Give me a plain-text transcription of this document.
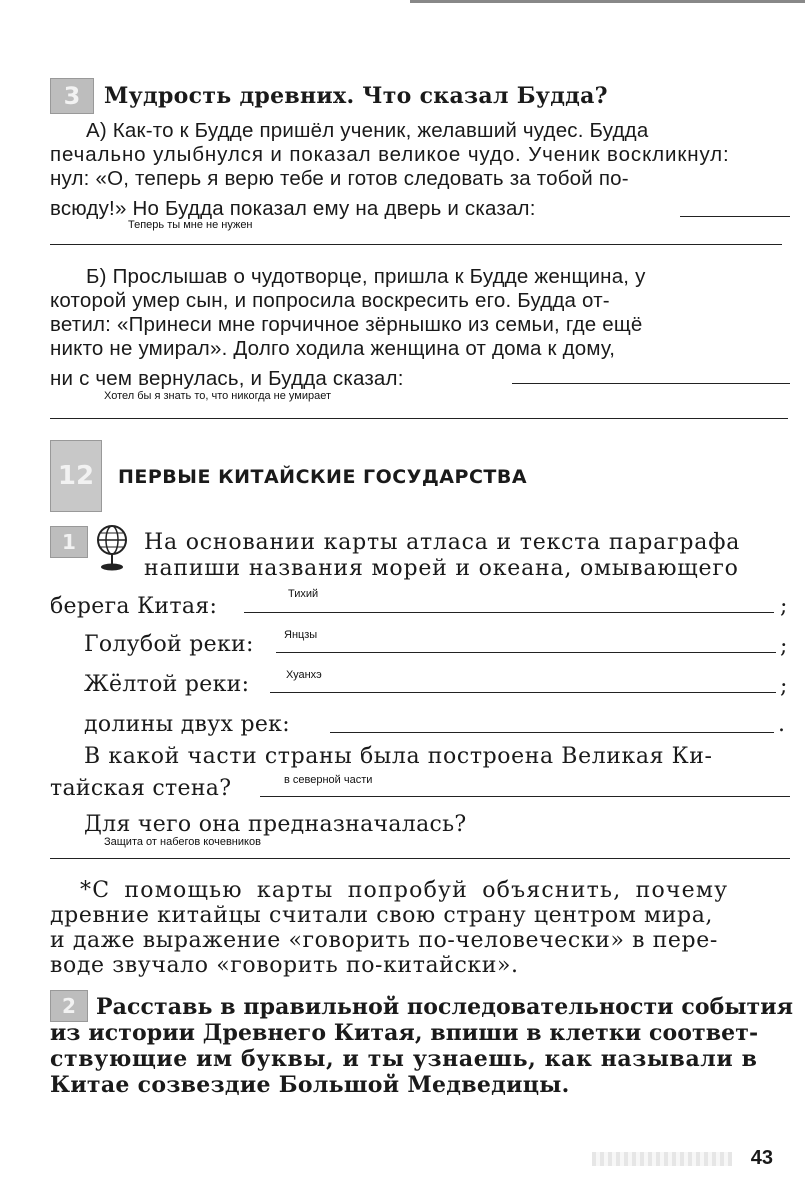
3	Мудрость древних. Что сказал Будда?
А) Как-то к Будде пришёл ученик, желавший чудес. Будда
печально улыбнулся и показал великое чудо. Ученик воскликнул:
нул: «О, теперь я верю тебе и готов следовать за тобой по-
всюду!» Но Будда показал ему на дверь и сказал:
Теперь ты мне не нужен
Б) Прослышав о чудотворце, пришла к Будде женщина, у
которой умер сын, и попросила воскресить его. Будда от-
ветил: «Принеси мне горчичное зёрнышко из семьи, где ещё
никто не умирал». Долго ходила женщина от дома к дому,
ни с чем вернулась, и Будда сказал:
Хотел бы я знать то, что никогда не умирает
12	ПЕРВЫЕ КИТАЙСКИЕ ГОСУДАРСТВА
1	На основании карты атласа и текста параграфа
напиши названия морей и океана, омывающего
берега Китая:	Тихий	;
Голубой реки:	Янцзы	;
Жёлтой реки:	Хуанхэ	;
долины двух рек:	.
В какой части страны была построена Великая Ки-
тайская стена?	в северной части
Для чего она предназначалась?
Защита от набегов кочевников
*С помощью карты попробуй объяснить, почему
древние китайцы считали свою страну центром мира,
и даже выражение «говорить по-человечески» в пере-
воде звучало «говорить по-китайски».
2 Расставь в правильной последовательности события
из истории Древнего Китая, впиши в клетки соответ-
ствующие им буквы, и ты узнаешь, как называли в
Китае созвездие Большой Медведицы.
43
